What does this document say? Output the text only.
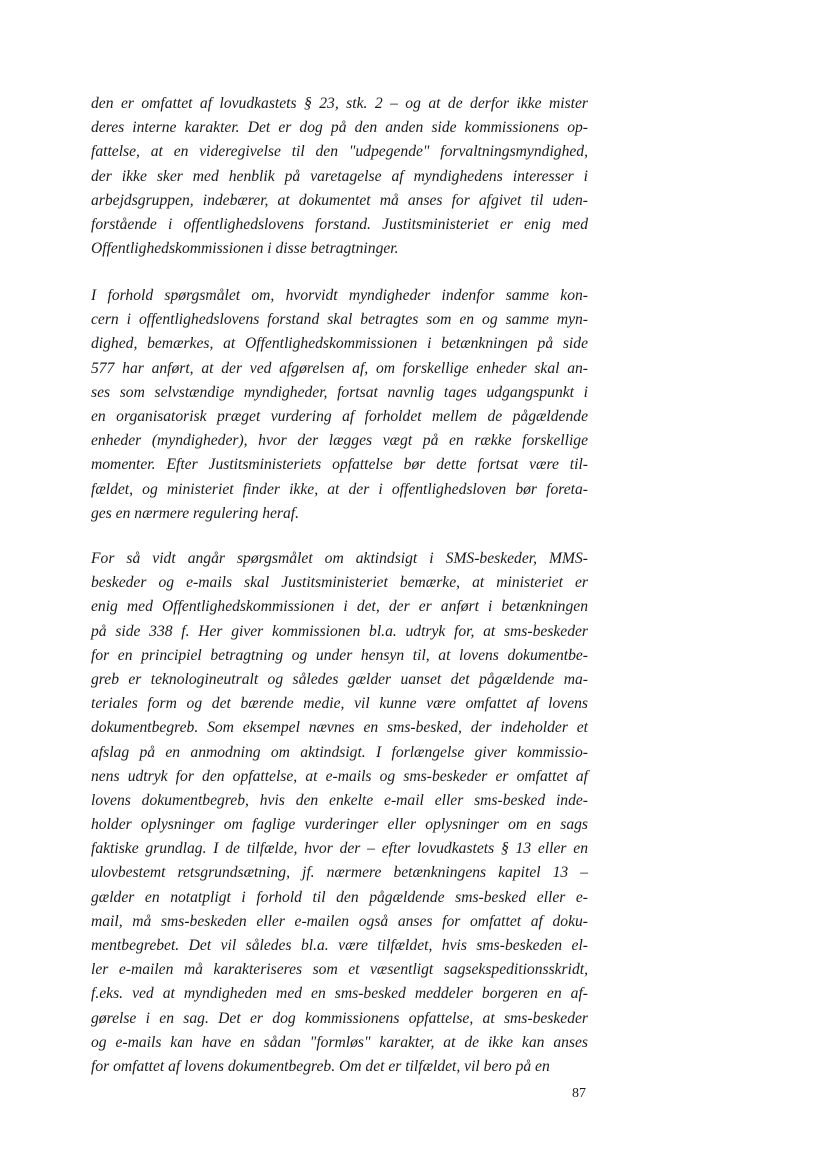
den er omfattet af lovudkastets § 23, stk. 2 – og at de derfor ikke mister
deres interne karakter. Det er dog på den anden side kommissionens op-
fattelse, at en videregivelse til den "udpegende" forvaltningsmyndighed,
der ikke sker med henblik på varetagelse af myndighedens interesser i
arbejdsgruppen, indebærer, at dokumentet må anses for afgivet til uden-
forstående i offentlighedslovens forstand. Justitsministeriet er enig med
Offentlighedskommissionen i disse betragtninger.
I forhold spørgsmålet om, hvorvidt myndigheder indenfor samme kon-
cern i offentlighedslovens forstand skal betragtes som en og samme myn-
dighed, bemærkes, at Offentlighedskommissionen i betænkningen på side
577 har anført, at der ved afgørelsen af, om forskellige enheder skal an-
ses som selvstændige myndigheder, fortsat navnlig tages udgangspunkt i
en organisatorisk præget vurdering af forholdet mellem de pågældende
enheder (myndigheder), hvor der lægges vægt på en række forskellige
momenter. Efter Justitsministeriets opfattelse bør dette fortsat være til-
fældet, og ministeriet finder ikke, at der i offentlighedsloven bør foreta-
ges en nærmere regulering heraf.
For så vidt angår spørgsmålet om aktindsigt i SMS-beskeder, MMS-
beskeder og e-mails skal Justitsministeriet bemærke, at ministeriet er
enig med Offentlighedskommissionen i det, der er anført i betænkningen
på side 338 f. Her giver kommissionen bl.a. udtryk for, at sms-beskeder
for en principiel betragtning og under hensyn til, at lovens dokumentbe-
greb er teknologineutralt og således gælder uanset det pågældende ma-
teriales form og det bærende medie, vil kunne være omfattet af lovens
dokumentbegreb. Som eksempel nævnes en sms-besked, der indeholder et
afslag på en anmodning om aktindsigt. I forlængelse giver kommissio-
nens udtryk for den opfattelse, at e-mails og sms-beskeder er omfattet af
lovens dokumentbegreb, hvis den enkelte e-mail eller sms-besked inde-
holder oplysninger om faglige vurderinger eller oplysninger om en sags
faktiske grundlag. I de tilfælde, hvor der – efter lovudkastets § 13 eller en
ulovbestemt retsgrundsætning, jf. nærmere betænkningens kapitel 13 –
gælder en notatpligt i forhold til den pågældende sms-besked eller e-
mail, må sms-beskeden eller e-mailen også anses for omfattet af doku-
mentbegrebet. Det vil således bl.a. være tilfældet, hvis sms-beskeden el-
ler e-mailen må karakteriseres som et væsentligt sagsekspeditionsskridt,
f.eks. ved at myndigheden med en sms-besked meddeler borgeren en af-
gørelse i en sag. Det er dog kommissionens opfattelse, at sms-beskeder
og e-mails kan have en sådan "formløs" karakter, at de ikke kan anses
for omfattet af lovens dokumentbegreb. Om det er tilfældet, vil bero på en
87
